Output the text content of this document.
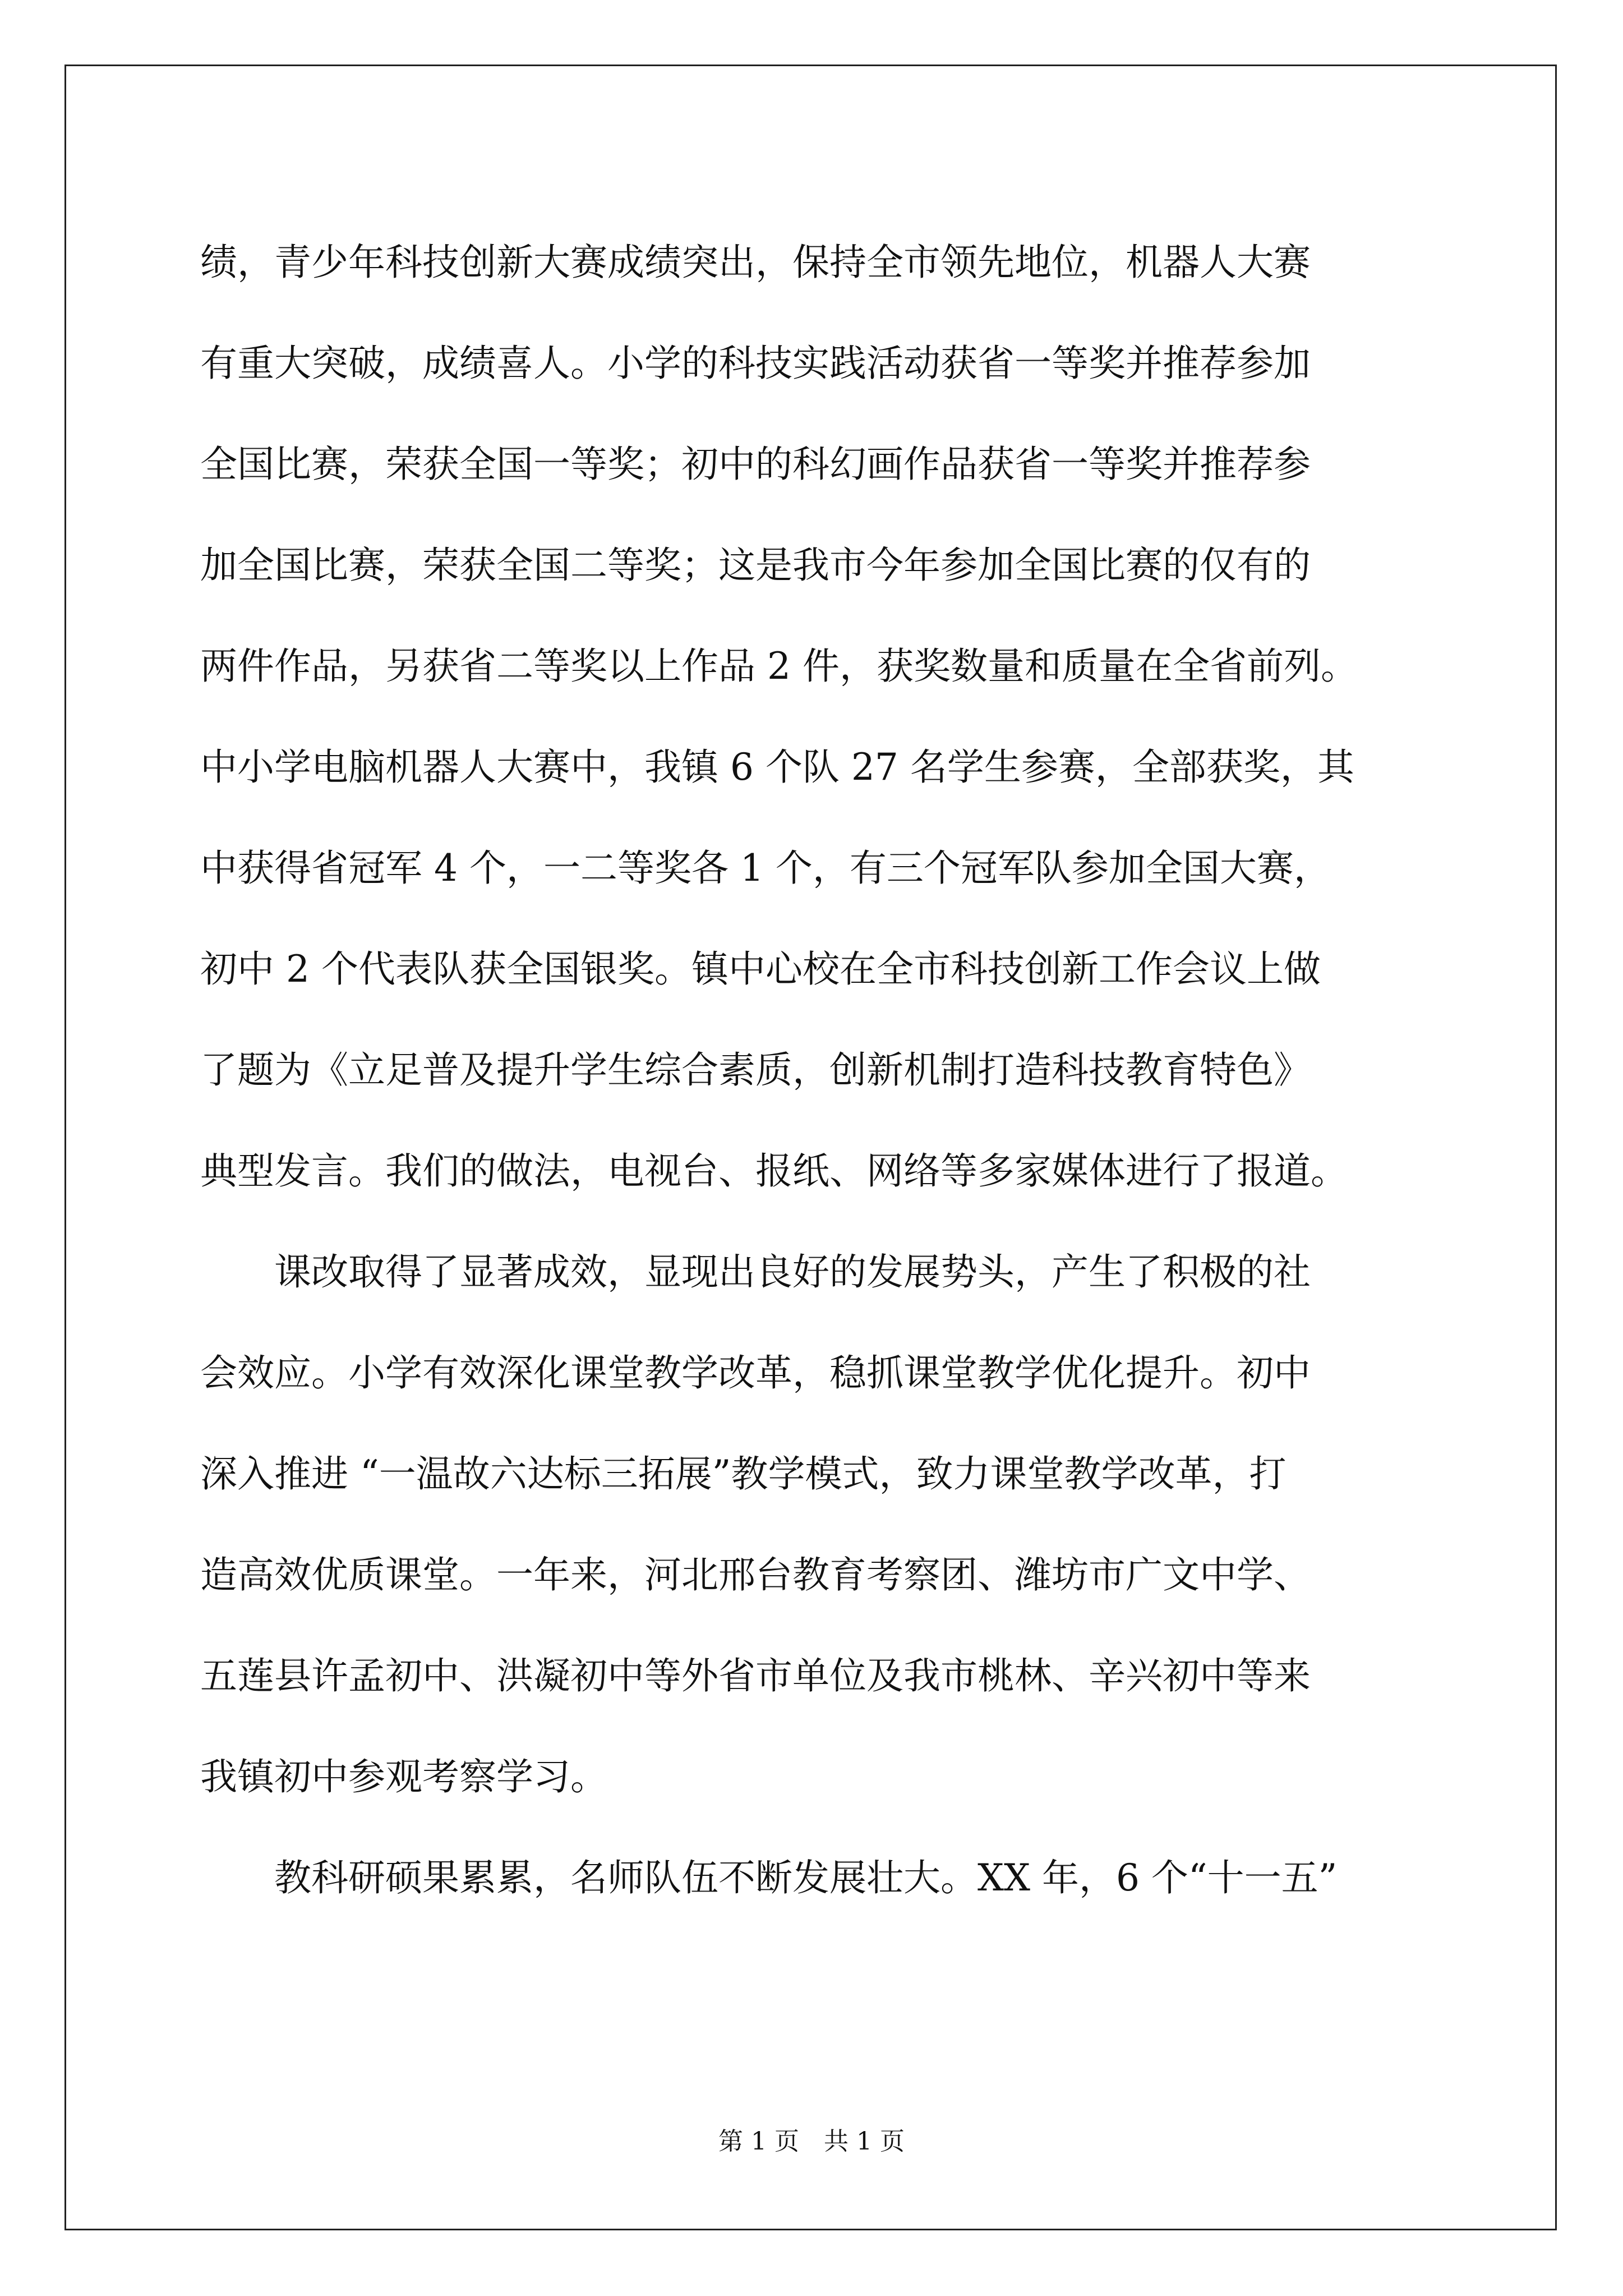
绩，青少年科技创新大赛成绩突出，保持全市领先地位，机器人大赛
有重大突破，成绩喜人。小学的科技实践活动获省一等奖并推荐参加
全国比赛，荣获全国一等奖；初中的科幻画作品获省一等奖并推荐参
加全国比赛，荣获全国二等奖；这是我市今年参加全国比赛的仅有的
两件作品，另获省二等奖以上作品 2 件，获奖数量和质量在全省前列。
中小学电脑机器人大赛中，我镇 6 个队 27 名学生参赛，全部获奖，其
中获得省冠军 4 个，一二等奖各 1 个，有三个冠军队参加全国大赛，
初中 2 个代表队获全国银奖。镇中心校在全市科技创新工作会议上做
了题为《立足普及提升学生综合素质，创新机制打造科技教育特色》
典型发言。我们的做法，电视台、报纸、网络等多家媒体进行了报道。
　　课改取得了显著成效，显现出良好的发展势头，产生了积极的社
会效应。小学有效深化课堂教学改革，稳抓课堂教学优化提升。初中
深入推进 “一温故六达标三拓展”教学模式，致力课堂教学改革，打
造高效优质课堂。一年来，河北邢台教育考察团、潍坊市广文中学、
五莲县许孟初中、洪凝初中等外省市单位及我市桃林、辛兴初中等来
我镇初中参观考察学习。
　　教科研硕果累累，名师队伍不断发展壮大。XX 年，6 个“十一五”
第 1 页　共 1 页
